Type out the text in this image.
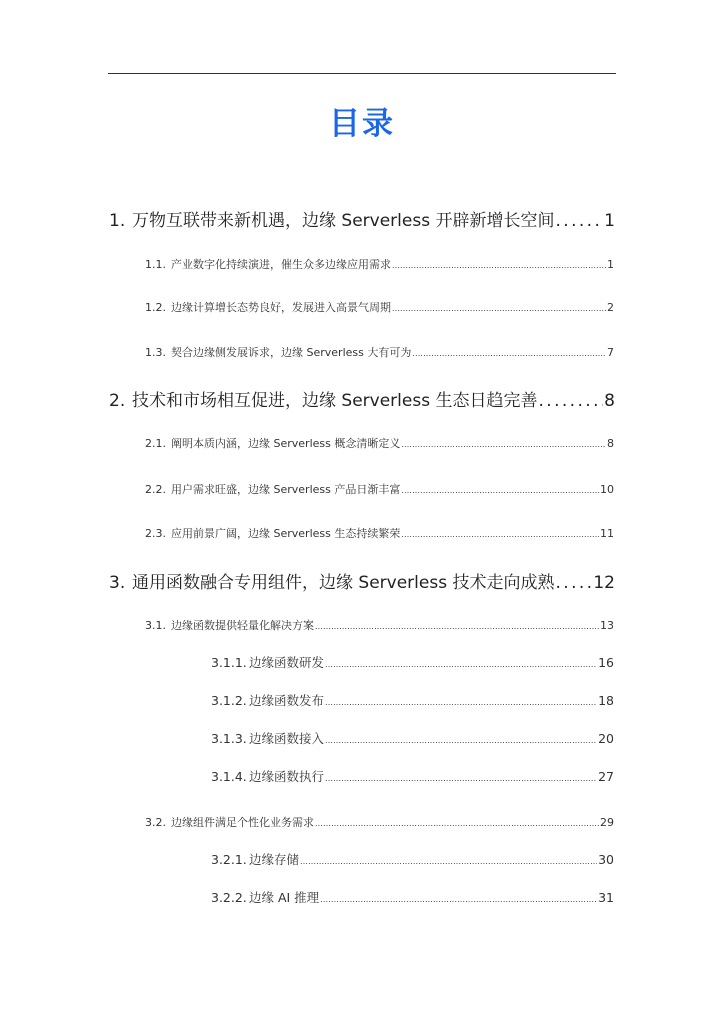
目录
1. 万物互联带来新机遇，边缘 Serverless 开辟新增长空间 . . .	1
1.1. 产业数字化持续演进，催生众多边缘应用需求 . . .	1
1.2. 边缘计算增长态势良好，发展进入高景气周期 . . .	2
1.3. 契合边缘侧发展诉求，边缘 Serverless 大有可为 . . .	7
2. 技术和市场相互促进，边缘 Serverless 生态日趋完善 . . .	8
2.1. 阐明本质内涵，边缘 Serverless 概念清晰定义 . . .	8
2.2. 用户需求旺盛，边缘 Serverless 产品日渐丰富 . . .	10
2.3. 应用前景广阔，边缘 Serverless 生态持续繁荣 . . .	11
3. 通用函数融合专用组件，边缘 Serverless 技术走向成熟 . . . 12
3.1. 边缘函数提供轻量化解决方案 . . .	13
3.1.1. 边缘函数研发 . . .	16
3.1.2. 边缘函数发布 . . .	18
3.1.3. 边缘函数接入 . . .	20
3.1.4. 边缘函数执行 . . .	27
3.2. 边缘组件满足个性化业务需求 . . .	29
3.2.1. 边缘存储 . . .	30
3.2.2. 边缘 AI 推理 . . .	31
